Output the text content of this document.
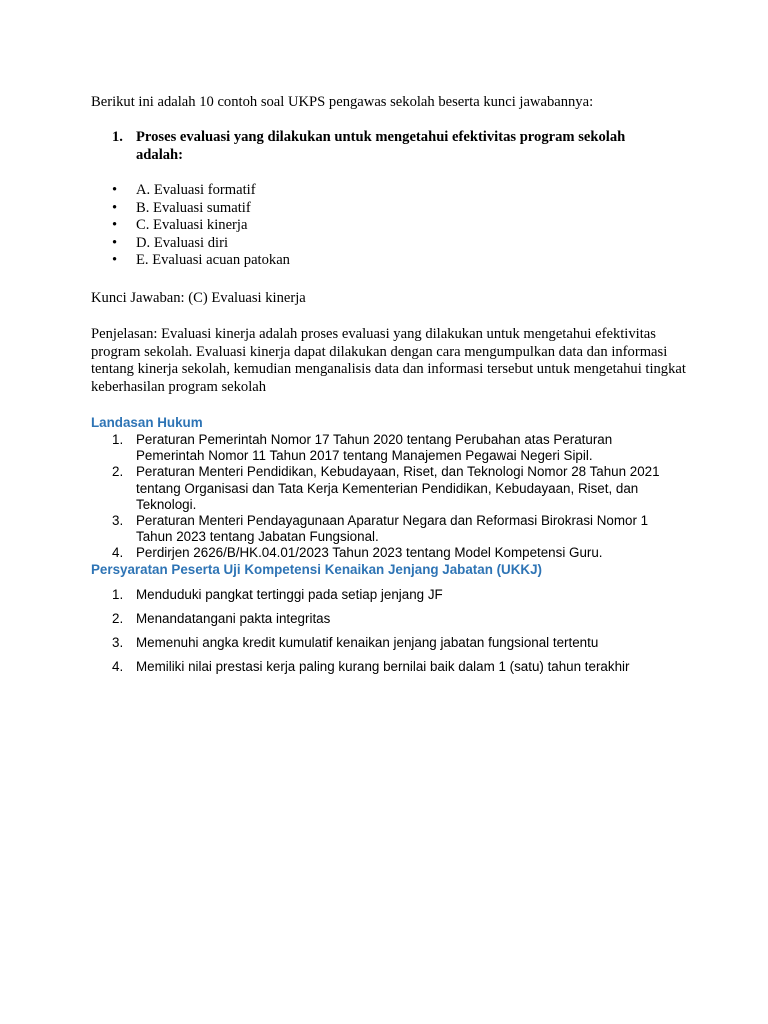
Berikut ini adalah 10 contoh soal UKPS pengawas sekolah beserta kunci jawabannya:
1. Proses evaluasi yang dilakukan untuk mengetahui efektivitas program sekolah adalah:
• A. Evaluasi formatif
• B. Evaluasi sumatif
• C. Evaluasi kinerja
• D. Evaluasi diri
• E. Evaluasi acuan patokan
Kunci Jawaban: (C) Evaluasi kinerja
Penjelasan: Evaluasi kinerja adalah proses evaluasi yang dilakukan untuk mengetahui efektivitas program sekolah. Evaluasi kinerja dapat dilakukan dengan cara mengumpulkan data dan informasi tentang kinerja sekolah, kemudian menganalisis data dan informasi tersebut untuk mengetahui tingkat keberhasilan program sekolah
Landasan Hukum
1. Peraturan Pemerintah Nomor 17 Tahun 2020 tentang Perubahan atas Peraturan Pemerintah Nomor 11 Tahun 2017 tentang Manajemen Pegawai Negeri Sipil.
2. Peraturan Menteri Pendidikan, Kebudayaan, Riset, dan Teknologi Nomor 28 Tahun 2021 tentang Organisasi dan Tata Kerja Kementerian Pendidikan, Kebudayaan, Riset, dan Teknologi.
3. Peraturan Menteri Pendayagunaan Aparatur Negara dan Reformasi Birokrasi Nomor 1 Tahun 2023 tentang Jabatan Fungsional.
4. Perdirjen 2626/B/HK.04.01/2023 Tahun 2023 tentang Model Kompetensi Guru.
Persyaratan Peserta Uji Kompetensi Kenaikan Jenjang Jabatan (UKKJ)
1. Menduduki pangkat tertinggi pada setiap jenjang JF
2. Menandatangani pakta integritas
3. Memenuhi angka kredit kumulatif kenaikan jenjang jabatan fungsional tertentu
4. Memiliki nilai prestasi kerja paling kurang bernilai baik dalam 1 (satu) tahun terakhir
